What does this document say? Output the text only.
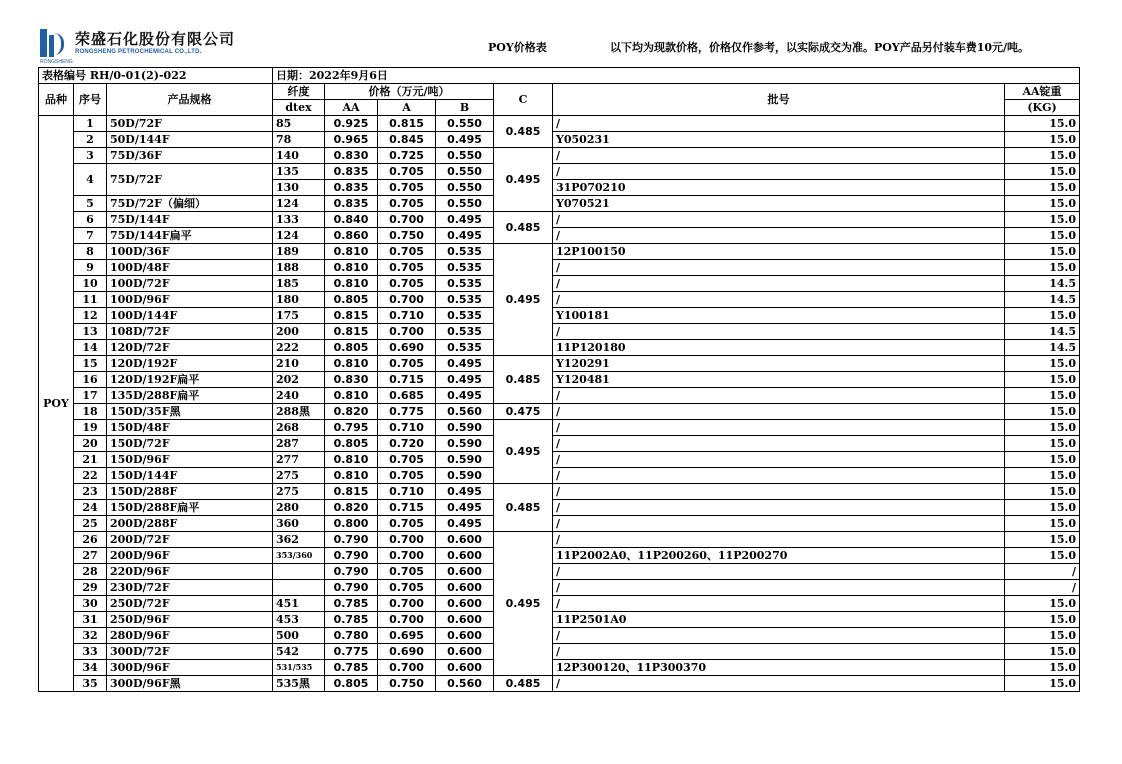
RONGSHENG
荣盛石化股份有限公司
RONGSHENG PETROCHEMICAL CO.,LTD.	POY价格表	以下均为现款价格，价格仅作参考，以实际成交为准。POY产品另付装车费10元/吨。
表格编号 RH/0-01(2)-022			日期：2022年9月6日						
品种	序号	产品规格	纤度	价格（万元/吨）			C	批号	AA锭重
			dtex	AA	A	B			(KG)
POY	1	50D/72F	85	0.925	0.815	0.550	0.485	/	15.0
	2	50D/144F	78	0.965	0.845	0.495		Y050231	15.0
	3	75D/36F	140	0.830	0.725	0.550	0.495	/	15.0
	4	75D/72F	135	0.835	0.705	0.550		/	15.0
			130	0.835	0.705	0.550		31P070210	15.0
	5	75D/72F（偏细）	124	0.835	0.705	0.550		Y070521	15.0
	6	75D/144F	133	0.840	0.700	0.495	0.485	/	15.0
	7	75D/144F扁平	124	0.860	0.750	0.495		/	15.0
	8	100D/36F	189	0.810	0.705	0.535	0.495	12P100150	15.0
	9	100D/48F	188	0.810	0.705	0.535		/	15.0
	10	100D/72F	185	0.810	0.705	0.535		/	14.5
	11	100D/96F	180	0.805	0.700	0.535		/	14.5
	12	100D/144F	175	0.815	0.710	0.535		Y100181	15.0
	13	108D/72F	200	0.815	0.700	0.535		/	14.5
	14	120D/72F	222	0.805	0.690	0.535		11P120180	14.5
	15	120D/192F	210	0.810	0.705	0.495	0.485	Y120291	15.0
	16	120D/192F扁平	202	0.830	0.715	0.495		Y120481	15.0
	17	135D/288F扁平	240	0.810	0.685	0.495		/	15.0
	18	150D/35F黑	288黑	0.820	0.775	0.560	0.475	/	15.0
	19	150D/48F	268	0.795	0.710	0.590	0.495	/	15.0
	20	150D/72F	287	0.805	0.720	0.590		/	15.0
	21	150D/96F	277	0.810	0.705	0.590		/	15.0
	22	150D/144F	275	0.810	0.705	0.590		/	15.0
	23	150D/288F	275	0.815	0.710	0.495	0.485	/	15.0
	24	150D/288F扁平	280	0.820	0.715	0.495		/	15.0
	25	200D/288F	360	0.800	0.705	0.495		/	15.0
	26	200D/72F	362	0.790	0.700	0.600	0.495	/	15.0
	27	200D/96F	353/360	0.790	0.700	0.600		11P2002A0、11P200260、11P200270	15.0
	28	220D/96F		0.790	0.705	0.600		/	/
	29	230D/72F		0.790	0.705	0.600		/	/
	30	250D/72F	451	0.785	0.700	0.600		/	15.0
	31	250D/96F	453	0.785	0.700	0.600		11P2501A0	15.0
	32	280D/96F	500	0.780	0.695	0.600		/	15.0
	33	300D/72F	542	0.775	0.690	0.600		/	15.0
	34	300D/96F	531/535	0.785	0.700	0.600		12P300120、11P300370	15.0
	35	300D/96F黑	535黑	0.805	0.750	0.560	0.485	/	15.0
